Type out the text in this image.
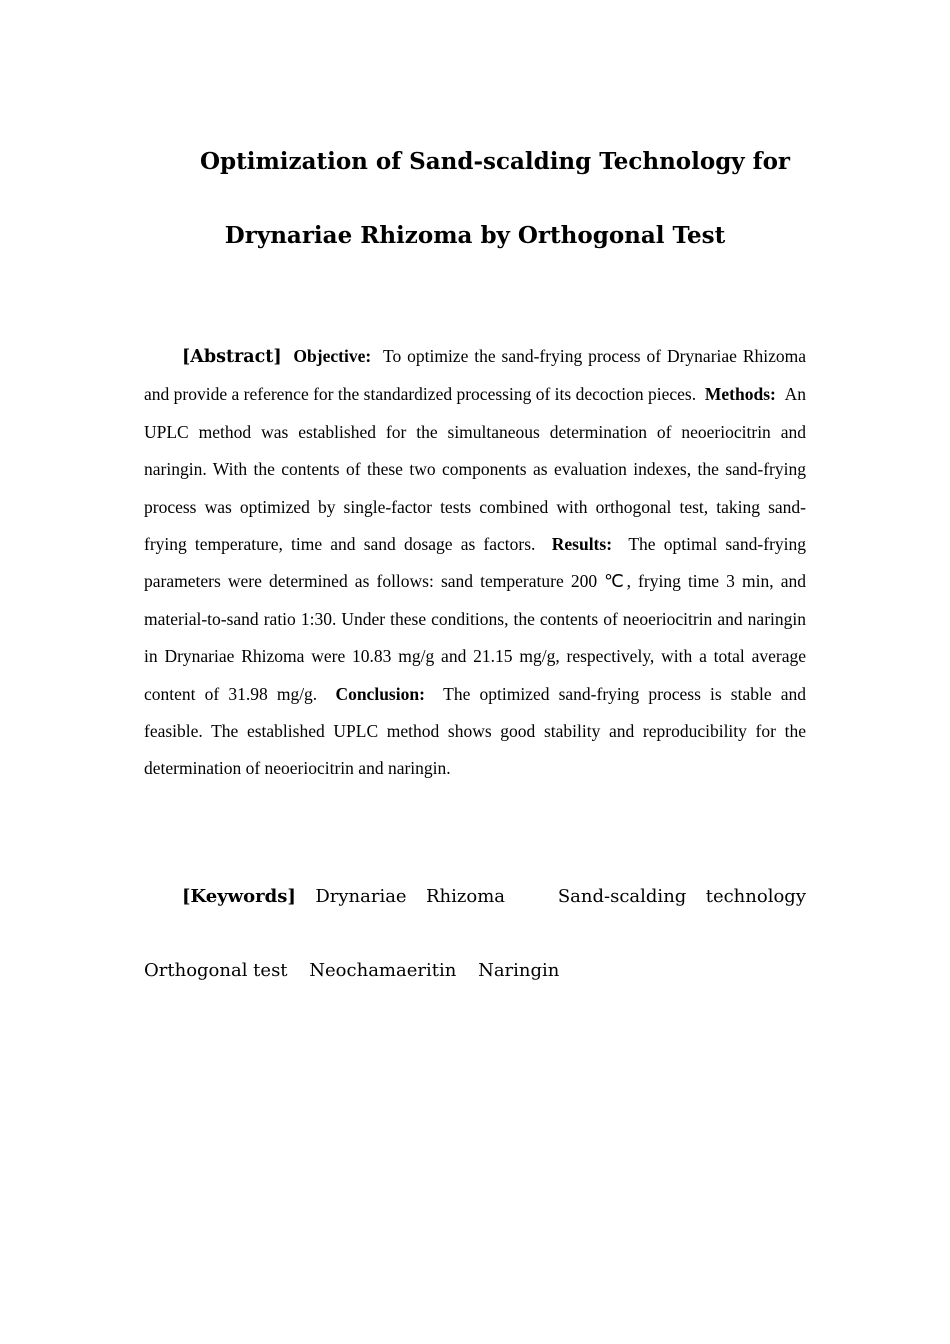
Optimization of Sand-scalding Technology for
Drynariae Rhizoma by Orthogonal Test
[Abstract] Objective: To optimize the sand-frying process of Drynariae Rhizoma and provide a reference for the standardized processing of its decoction pieces. Methods: An UPLC method was established for the simultaneous determination of neoeriocitrin and naringin. With the contents of these two components as evaluation indexes, the sand-frying process was optimized by single-factor tests combined with orthogonal test, taking sand-frying temperature, time and sand dosage as factors. Results: The optimal sand-frying parameters were determined as follows: sand temperature 200 ℃, frying time 3 min, and material-to-sand ratio 1:30. Under these conditions, the contents of neoeriocitrin and naringin in Drynariae Rhizoma were 10.83 mg/g and 21.15 mg/g, respectively, with a total average content of 31.98 mg/g. Conclusion: The optimized sand-frying process is stable and feasible. The established UPLC method shows good stability and reproducibility for the determination of neoeriocitrin and naringin.
[Keywords] Drynariae Rhizoma	Sand-scalding technology
Orthogonal test Neochamaeritin Naringin
